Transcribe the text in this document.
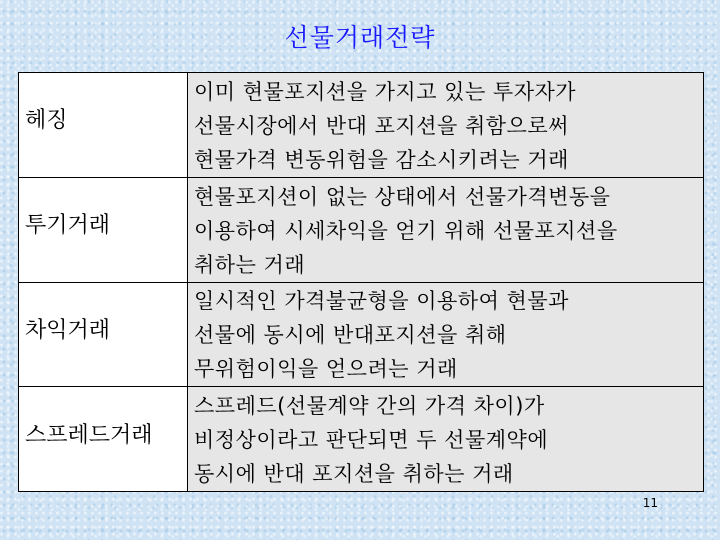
선물거래전략
헤징	이미 현물포지션을 가지고 있는 투자자가
선물시장에서 반대 포지션을 취함으로써
현물가격 변동위험을 감소시키려는 거래

투기거래	현물포지션이 없는 상태에서 선물가격변동을
이용하여 시세차익을 얻기 위해 선물포지션을
취하는 거래

차익거래	일시적인 가격불균형을 이용하여 현물과
선물에 동시에 반대포지션을 취해
무위험이익을 얻으려는 거래

스프레드거래	스프레드(선물계약 간의 가격 차이)가
비정상이라고 판단되면 두 선물계약에
동시에 반대 포지션을 취하는 거래
11
